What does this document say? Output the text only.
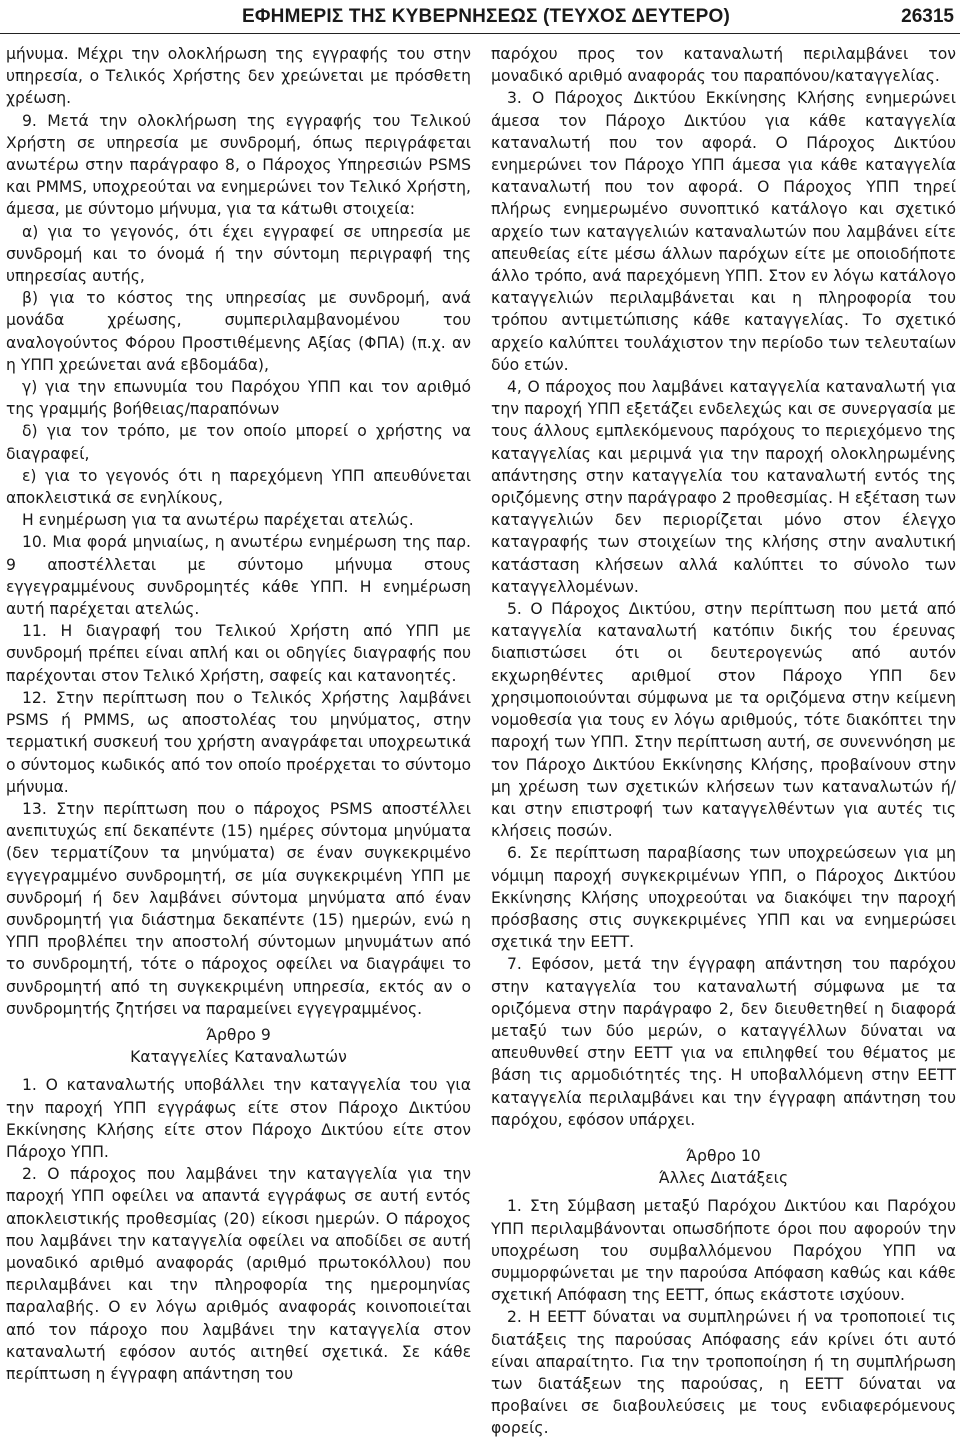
ΕΦΗΜΕΡΙΣ ΤΗΣ ΚΥΒΕΡΝΗΣΕΩΣ (ΤΕΥΧΟΣ ΔΕΥΤΕΡΟ)	26315

μήνυμα. Μέχρι την ολοκλήρωση της εγγραφής του στην υπηρεσία, ο Τελικός Χρήστης δεν χρεώνεται με πρόσθετη χρέωση.

9. Μετά την ολοκλήρωση της εγγραφής του Τελικού Χρήστη σε υπηρεσία με συνδρομή, όπως περιγράφεται ανωτέρω στην παράγραφο 8, ο Πάροχος Υπηρεσιών PSMS και PMMS, υποχρεούται να ενημερώνει τον Τελικό Χρήστη, άμεσα, με σύντομο μήνυμα, για τα κάτωθι στοιχεία:

α) για το γεγονός, ότι έχει εγγραφεί σε υπηρεσία με συνδρομή και το όνομά ή την σύντομη περιγραφή της υπηρεσίας αυτής,

β) για το κόστος της υπηρεσίας με συνδρομή, ανά μονάδα χρέωσης, συμπεριλαμβανομένου του αναλογούντος Φόρου Προστιθέμενης Αξίας (ΦΠΑ) (π.χ. αν η ΥΠΠ χρεώνεται ανά εβδομάδα),

γ) για την επωνυμία του Παρόχου ΥΠΠ και τον αριθμό της γραμμής βοήθειας/παραπόνων

δ) για τον τρόπο, με τον οποίο μπορεί ο χρήστης να διαγραφεί,

ε) για το γεγονός ότι η παρεχόμενη ΥΠΠ απευθύνεται αποκλειστικά σε ενηλίκους,

Η ενημέρωση για τα ανωτέρω παρέχεται ατελώς.

10. Μια φορά μηνιαίως, η ανωτέρω ενημέρωση της παρ. 9 αποστέλλεται με σύντομο μήνυμα στους εγγεγραμμένους συνδρομητές κάθε ΥΠΠ. Η ενημέρωση αυτή παρέχεται ατελώς.

11. Η διαγραφή του Τελικού Χρήστη από ΥΠΠ με συνδρομή πρέπει είναι απλή και οι οδηγίες διαγραφής που παρέχονται στον Τελικό Χρήστη, σαφείς και κατανοητές.

12. Στην περίπτωση που ο Τελικός Χρήστης λαμβάνει PSMS ή PMMS, ως αποστολέας του μηνύματος, στην τερματική συσκευή του χρήστη αναγράφεται υποχρεωτικά ο σύντομος κωδικός από τον οποίο προέρχεται το σύντομο μήνυμα.

13. Στην περίπτωση που ο πάροχος PSMS αποστέλλει ανεπιτυχώς επί δεκαπέντε (15) ημέρες σύντομα μηνύματα (δεν τερματίζουν τα μηνύματα) σε έναν συγκεκριμένο εγγεγραμμένο συνδρομητή, σε μία συγκεκριμένη ΥΠΠ με συνδρομή ή δεν λαμβάνει σύντομα μηνύματα από έναν συνδρομητή για διάστημα δεκαπέντε (15) ημερών, ενώ η ΥΠΠ προβλέπει την αποστολή σύντομων μηνυμάτων από το συνδρομητή, τότε ο πάροχος οφείλει να διαγράψει το συνδρομητή από τη συγκεκριμένη υπηρεσία, εκτός αν ο συνδρομητής ζητήσει να παραμείνει εγγεγραμμένος.

Άρθρο 9
Καταγγελίες Καταναλωτών

1. Ο καταναλωτής υποβάλλει την καταγγελία του για την παροχή ΥΠΠ εγγράφως είτε στον Πάροχο Δικτύου Εκκίνησης Κλήσης είτε στον Πάροχο Δικτύου είτε στον Πάροχο ΥΠΠ.

2. Ο πάροχος που λαμβάνει την καταγγελία για την παροχή ΥΠΠ οφείλει να απαντά εγγράφως σε αυτή εντός αποκλειστικής προθεσμίας (20) είκοσι ημερών. Ο πάροχος που λαμβάνει την καταγγελία οφείλει να αποδίδει σε αυτή μοναδικό αριθμό αναφοράς (αριθμό πρωτοκόλλου) που περιλαμβάνει και την πληροφορία της ημερομηνίας παραλαβής. Ο εν λόγω αριθμός αναφοράς κοινοποιείται από τον πάροχο που λαμβάνει την καταγγελία στον καταναλωτή εφόσον αυτός αιτηθεί σχετικά. Σε κάθε περίπτωση η έγγραφη απάντηση του

παρόχου προς τον καταναλωτή περιλαμβάνει τον μοναδικό αριθμό αναφοράς του παραπόνου/καταγγελίας.

3. Ο Πάροχος Δικτύου Εκκίνησης Κλήσης ενημερώνει άμεσα τον Πάροχο Δικτύου για κάθε καταγγελία καταναλωτή που τον αφορά. Ο Πάροχος Δικτύου ενημερώνει τον Πάροχο ΥΠΠ άμεσα για κάθε καταγγελία καταναλωτή που τον αφορά. Ο Πάροχος ΥΠΠ τηρεί πλήρως ενημερωμένο συνοπτικό κατάλογο και σχετικό αρχείο των καταγγελιών καταναλωτών που λαμβάνει είτε απευθείας είτε μέσω άλλων παρόχων είτε με οποιοδήποτε άλλο τρόπο, ανά παρεχόμενη ΥΠΠ. Στον εν λόγω κατάλογο καταγγελιών περιλαμβάνεται και η πληροφορία του τρόπου αντιμετώπισης κάθε καταγγελίας. Το σχετικό αρχείο καλύπτει τουλάχιστον την περίοδο των τελευταίων δύο ετών.

4, Ο πάροχος που λαμβάνει καταγγελία καταναλωτή για την παροχή ΥΠΠ εξετάζει ενδελεχώς και σε συνεργασία με τους άλλους εμπλεκόμενους παρόχους το περιεχόμενο της καταγγελίας και μεριμνά για την παροχή ολοκληρωμένης απάντησης στην καταγγελία του καταναλωτή εντός της οριζόμενης στην παράγραφο 2 προθεσμίας. Η εξέταση των καταγγελιών δεν περιορίζεται μόνο στον έλεγχο καταγραφής των στοιχείων της κλήσης στην αναλυτική κατάσταση κλήσεων αλλά καλύπτει το σύνολο των καταγγελλομένων.

5. Ο Πάροχος Δικτύου, στην περίπτωση που μετά από καταγγελία καταναλωτή κατόπιν δικής του έρευνας διαπιστώσει ότι οι δευτερογενώς από αυτόν εκχωρηθέντες αριθμοί στον Πάροχο ΥΠΠ δεν χρησιμοποιούνται σύμφωνα με τα οριζόμενα στην κείμενη νομοθεσία για τους εν λόγω αριθμούς, τότε διακόπτει την παροχή των ΥΠΠ. Στην περίπτωση αυτή, σε συνεννόηση με τον Πάροχο Δικτύου Εκκίνησης Κλήσης, προβαίνουν στην μη χρέωση των σχετικών κλήσεων των καταναλωτών ή/και στην επιστροφή των καταγγελθέντων για αυτές τις κλήσεις ποσών.

6. Σε περίπτωση παραβίασης των υποχρεώσεων για μη νόμιμη παροχή συγκεκριμένων ΥΠΠ, ο Πάροχος Δικτύου Εκκίνησης Κλήσης υποχρεούται να διακόψει την παροχή πρόσβασης στις συγκεκριμένες ΥΠΠ και να ενημερώσει σχετικά την ΕΕΤΤ.

7. Εφόσον, μετά την έγγραφη απάντηση του παρόχου στην καταγγελία του καταναλωτή σύμφωνα με τα οριζόμενα στην παράγραφο 2, δεν διευθετηθεί η διαφορά μεταξύ των δύο μερών, ο καταγγέλλων δύναται να απευθυνθεί στην ΕΕΤΤ για να επιληφθεί του θέματος με βάση τις αρμοδιότητές της. Η υποβαλλόμενη στην ΕΕΤΤ καταγγελία περιλαμβάνει και την έγγραφη απάντηση του παρόχου, εφόσον υπάρχει.

Άρθρο 10
Άλλες Διατάξεις

1. Στη Σύμβαση μεταξύ Παρόχου Δικτύου και Παρόχου ΥΠΠ περιλαμβάνονται οπωσδήποτε όροι που αφορούν την υποχρέωση του συμβαλλόμενου Παρόχου ΥΠΠ να συμμορφώνεται με την παρούσα Απόφαση καθώς και κάθε σχετική Απόφαση της ΕΕΤΤ, όπως εκάστοτε ισχύουν.

2. Η ΕΕΤΤ δύναται να συμπληρώνει ή να τροποποιεί τις διατάξεις της παρούσας Απόφασης εάν κρίνει ότι αυτό είναι απαραίτητο. Για την τροποποίηση ή τη συμπλήρωση των διατάξεων της παρούσας, η ΕΕΤΤ δύναται να προβαίνει σε διαβουλεύσεις με τους ενδιαφερόμενους φορείς.
